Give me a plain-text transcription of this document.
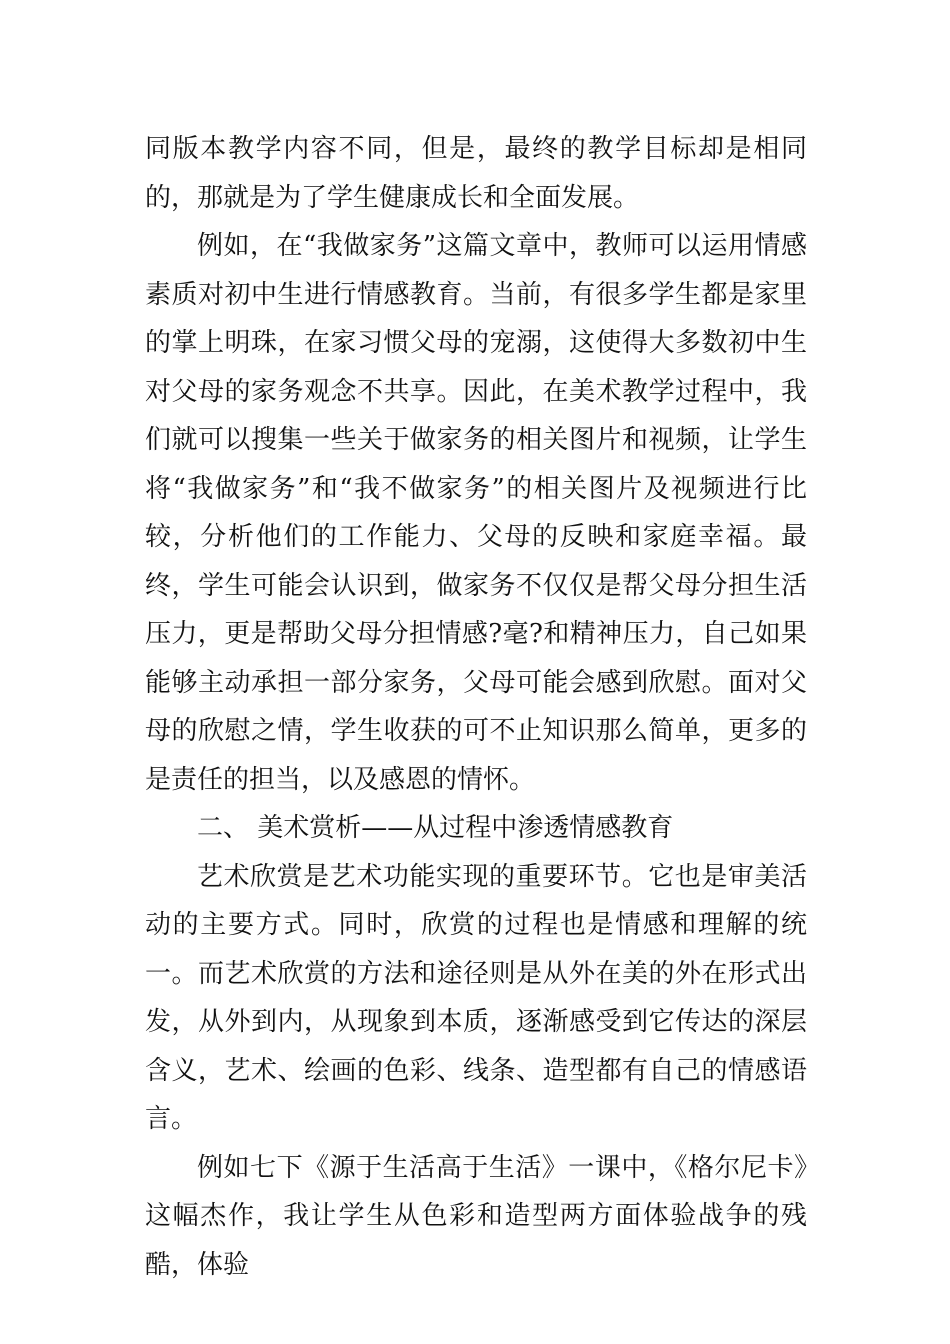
同版本教学内容不同，但是，最终的教学目标却是相同的，那就是为了学生健康成长和全面发展。

例如，在“我做家务”这篇文章中，教师可以运用情感素质对初中生进行情感教育。当前，有很多学生都是家里的掌上明珠，在家习惯父母的宠溺，这使得大多数初中生对父母的家务观念不共享。因此，在美术教学过程中，我们就可以搜集一些关于做家务的相关图片和视频，让学生将“我做家务”和“我不做家务”的相关图片及视频进行比较，分析他们的工作能力、父母的反映和家庭幸福。最终，学生可能会认识到，做家务不仅仅是帮父母分担生活压力，更是帮助父母分担情感?毫?和精神压力，自己如果能够主动承担一部分家务，父母可能会感到欣慰。面对父母的欣慰之情，学生收获的可不止知识那么简单，更多的是责任的担当，以及感恩的情怀。

二、 美术赏析——从过程中渗透情感教育

艺术欣赏是艺术功能实现的重要环节。它也是审美活动的主要方式。同时，欣赏的过程也是情感和理解的统一。而艺术欣赏的方法和途径则是从外在美的外在形式出发，从外到内，从现象到本质，逐渐感受到它传达的深层含义，艺术、绘画的色彩、线条、造型都有自己的情感语言。

例如七下《源于生活高于生活》一课中，《格尔尼卡》这幅杰作，我让学生从色彩和造型两方面体验战争的残酷，体验
